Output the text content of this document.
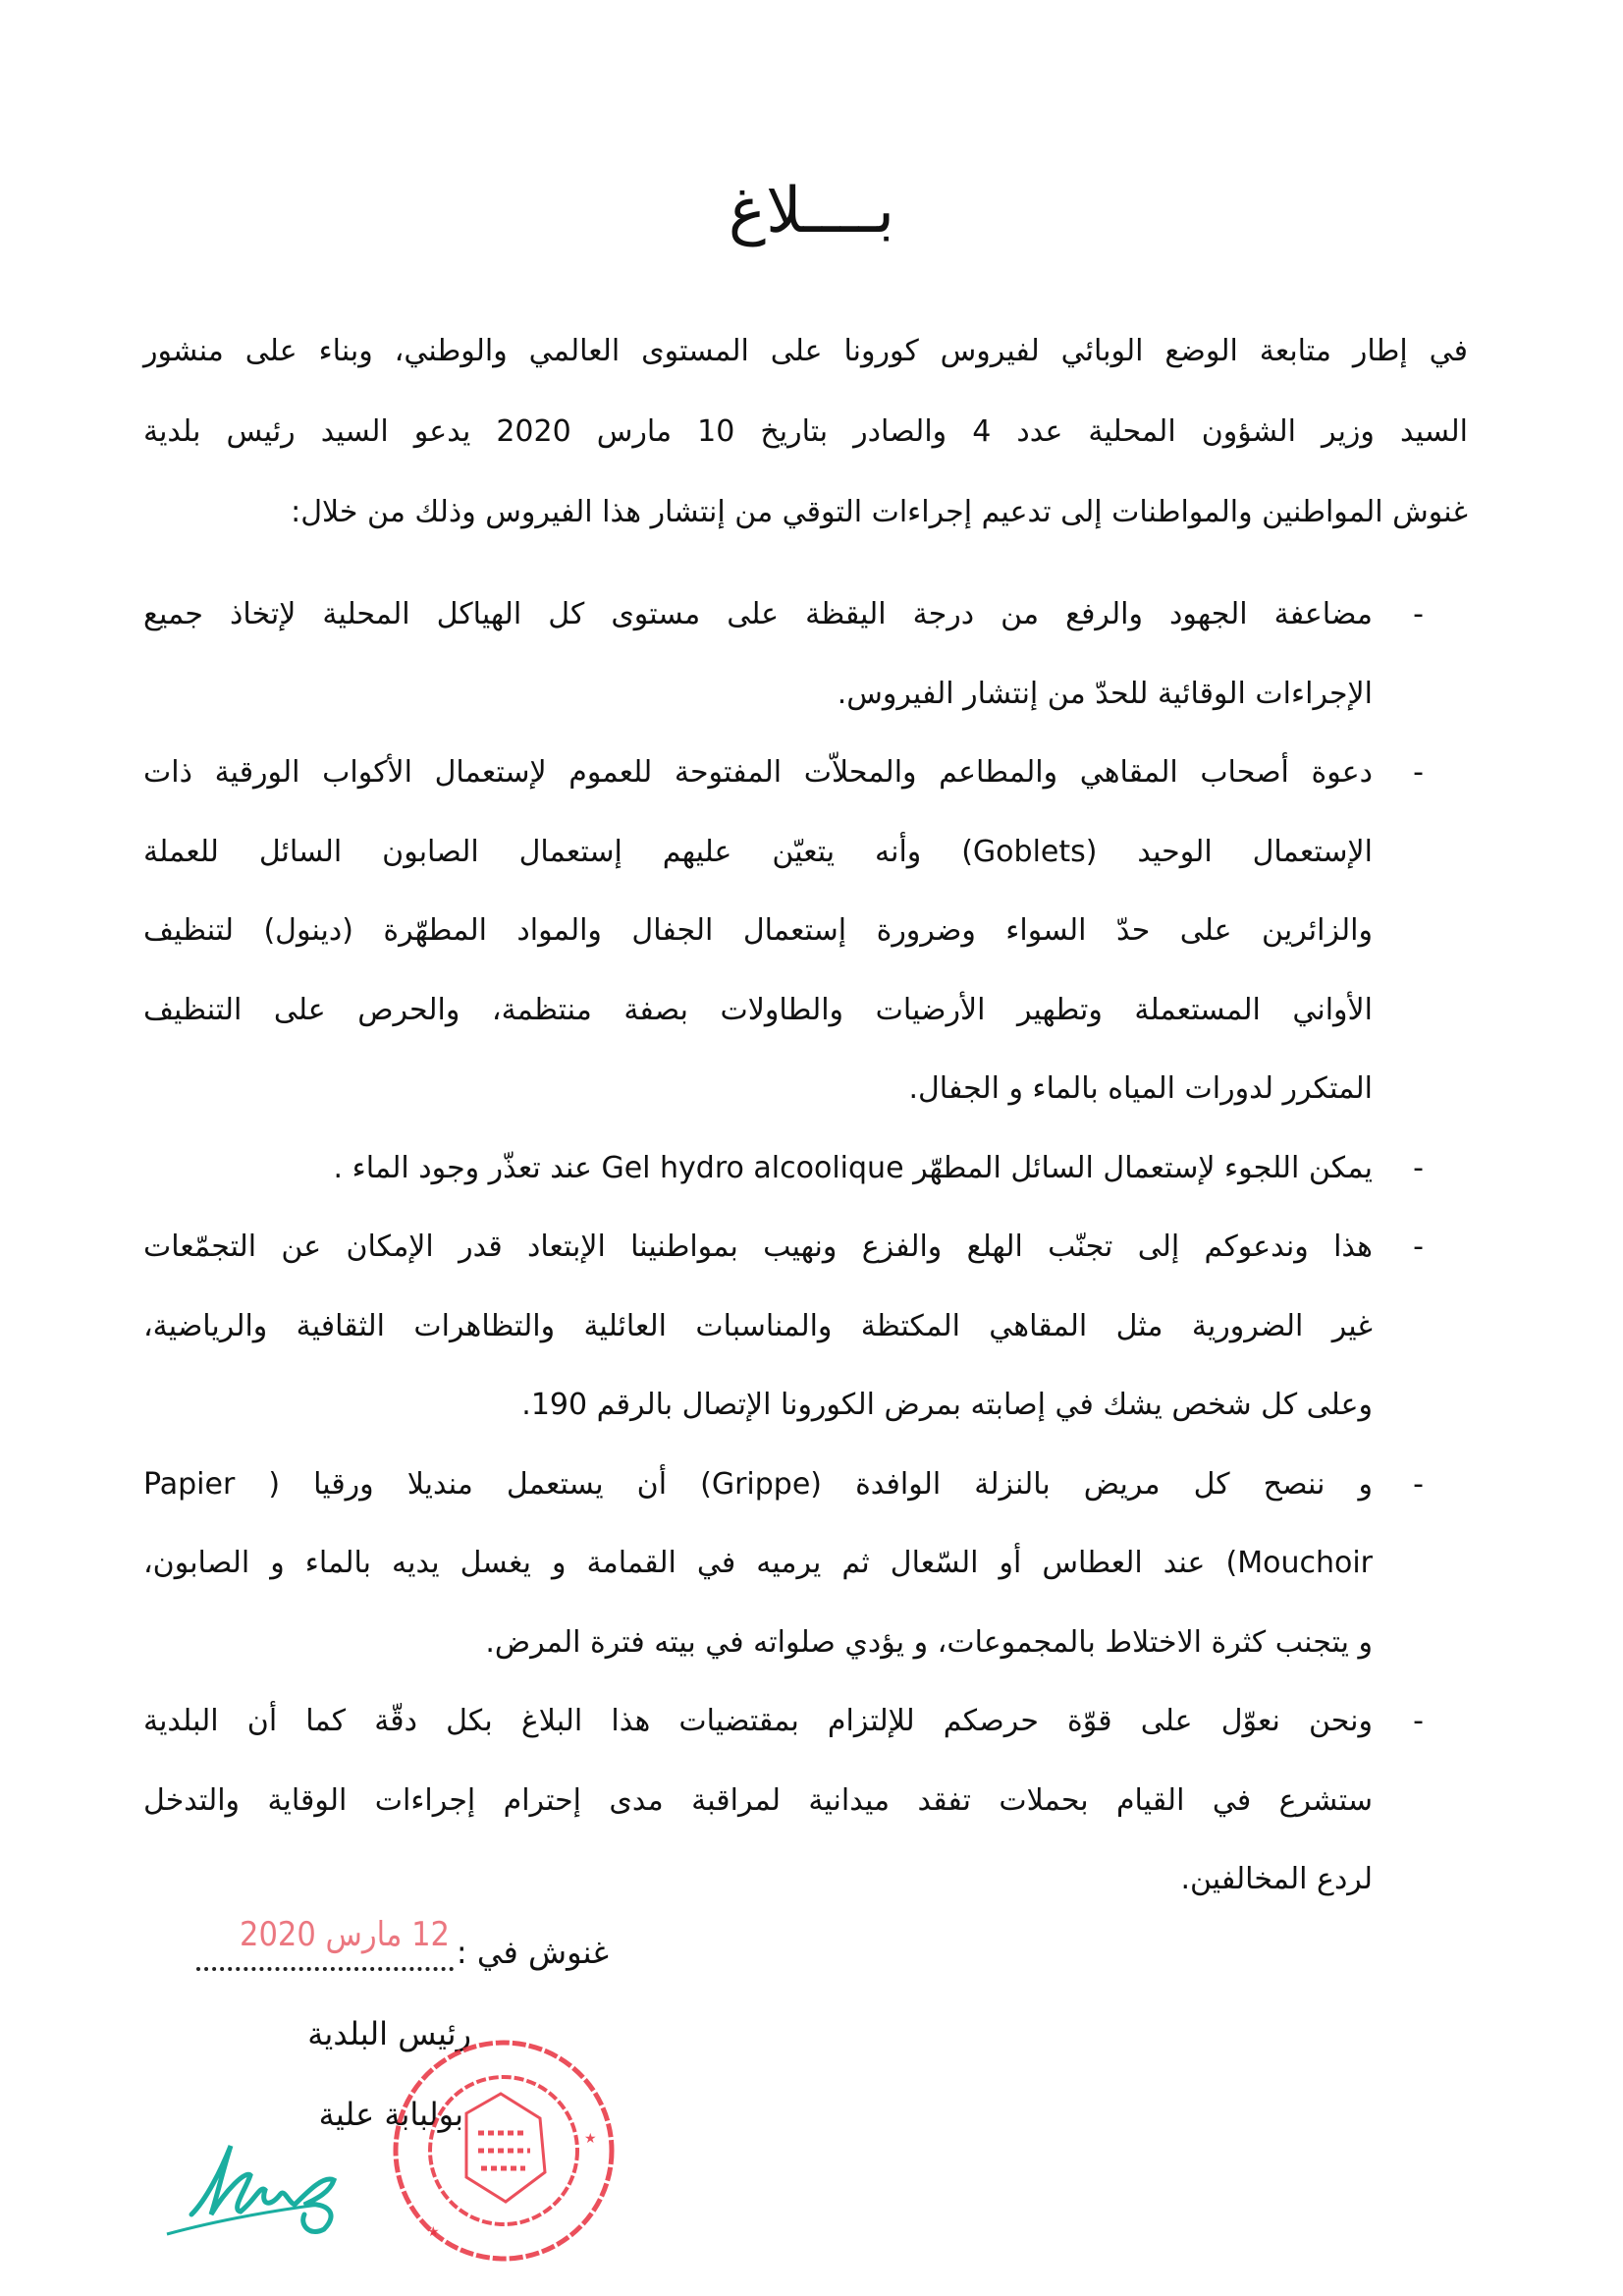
بــــلاغ
في إطار متابعة الوضع الوبائي لفيروس كورونا على المستوى العالمي والوطني، وبناء على منشور
السيد وزير الشؤون المحلية عدد 4 والصادر بتاريخ 10 مارس 2020 يدعو السيد رئيس بلدية
غنوش المواطنين والمواطنات إلى تدعيم إجراءات التوقي من إنتشار هذا الفيروس وذلك من خلال:
-
مضاعفة الجهود والرفع من درجة اليقظة على مستوى كل الهياكل المحلية لإتخاذ جميع
الإجراءات الوقائية للحدّ من إنتشار الفيروس.
-
دعوة أصحاب المقاهي والمطاعم والمحلاّت المفتوحة للعموم لإستعمال الأكواب الورقية ذات
الإستعمال الوحيد (Goblets) وأنه يتعيّن عليهم إستعمال الصابون السائل للعملة
والزائرين على حدّ السواء وضرورة إستعمال الجفال والمواد المطهّرة (دينول) لتنظيف
الأواني المستعملة وتطهير الأرضيات والطاولات بصفة منتظمة، والحرص على التنظيف
المتكرر لدورات المياه بالماء و الجفال.
-
يمكن اللجوء لإستعمال السائل المطهّر Gel hydro alcoolique عند تعذّر وجود الماء .
-
هذا وندعوكم إلى تجنّب الهلع والفزع ونهيب بمواطنينا الإبتعاد قدر الإمكان عن التجمّعات
غير الضرورية مثل المقاهي المكتظة والمناسبات العائلية والتظاهرات الثقافية والرياضية،
وعلى كل شخص يشك في إصابته بمرض الكورونا الإتصال بالرقم 190.
-
و ننصح كل مريض بالنزلة الوافدة (Grippe) أن يستعمل منديلا ورقيا ( Papier
Mouchoir) عند العطاس أو السّعال ثم يرميه في القمامة و يغسل يديه بالماء و الصابون،
و يتجنب كثرة الاختلاط بالمجموعات، و يؤدي صلواته في بيته فترة المرض.
-
ونحن نعوّل على قوّة حرصكم للإلتزام بمقتضيات هذا البلاغ بكل دقّة كما أن البلدية
ستشرع في القيام بحملات تفقد ميدانية لمراقبة مدى إحترام إجراءات الوقاية والتدخل
لردع المخالفين.
12 مارس 2020 غنوش في :
رئيس البلدية
بولبابة علية
★
★
